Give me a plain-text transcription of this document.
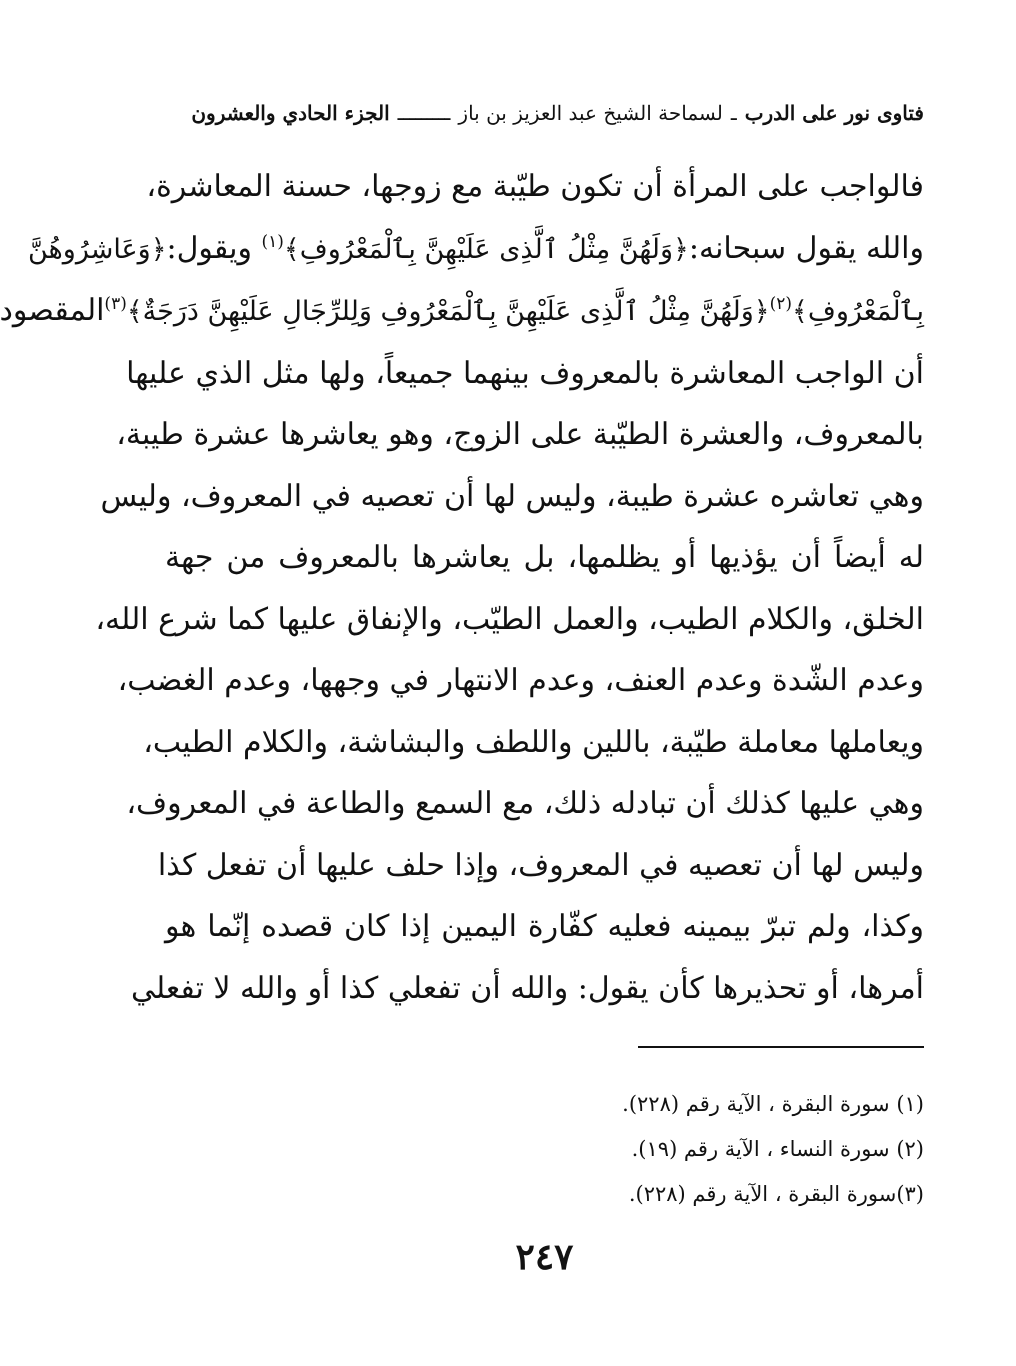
فتاوى نور على الدرب
ـ
لسماحة الشيخ عبد العزيز بن باز
ـــــــــ
الجزء الحادي والعشرون
فالواجب على المرأة أن تكون طيّبة مع زوجها، حسنة المعاشرة،
والله يقول سبحانه:﴿وَلَهُنَّ مِثْلُ ٱلَّذِى عَلَيْهِنَّ بِٱلْمَعْرُوفِ﴾$^{(١)}$ ويقول:﴿وَعَاشِرُوهُنَّ
بِٱلْمَعْرُوفِ﴾$^{(٢)}$﴿وَلَهُنَّ مِثْلُ ٱلَّذِى عَلَيْهِنَّ بِٱلْمَعْرُوفِ وَلِلرِّجَالِ عَلَيْهِنَّ دَرَجَةٌ﴾$^{(٣)}$المقصود
أن الواجب المعاشرة بالمعروف بينهما جميعاً، ولها مثل الذي عليها
بالمعروف، والعشرة الطيّبة على الزوج، وهو يعاشرها عشرة طيبة،
وهي تعاشره عشرة طيبة، وليس لها أن تعصيه في المعروف، وليس
له أيضاً أن يؤذيها أو يظلمها، بل يعاشرها بالمعروف من جهة
الخلق، والكلام الطيب، والعمل الطيّب، والإنفاق عليها كما شرع الله،
وعدم الشّدة وعدم العنف، وعدم الانتهار في وجهها، وعدم الغضب،
ويعاملها معاملة طيّبة، باللين واللطف والبشاشة، والكلام الطيب،
وهي عليها كذلك أن تبادله ذلك، مع السمع والطاعة في المعروف،
وليس لها أن تعصيه في المعروف، وإذا حلف عليها أن تفعل كذا
وكذا، ولم تبرّ بيمينه فعليه كفّارة اليمين إذا كان قصده إنّما هو
أمرها، أو تحذيرها كأن يقول: والله أن تفعلي كذا أو والله لا تفعلي
(١) سورة البقرة ، الآية رقم (٢٢٨).
(٢) سورة النساء ، الآية رقم (١٩).
(٣)سورة البقرة ، الآية رقم (٢٢٨).
٢٤٧
